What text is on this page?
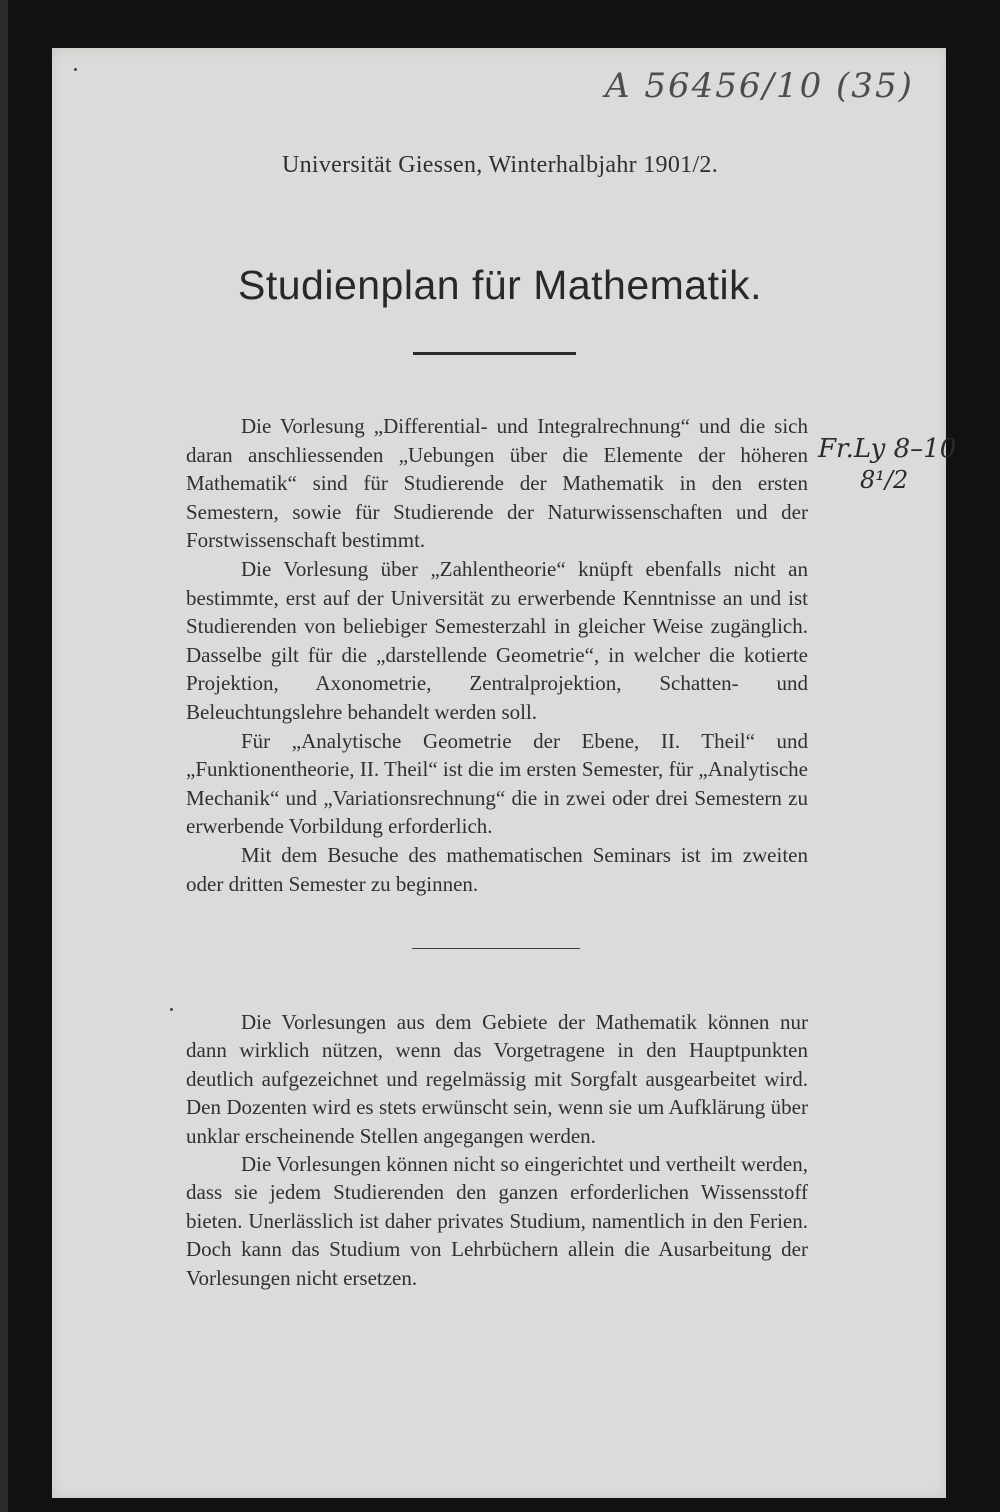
A 56456/10 (35)
Fr.Ly 8–10
8¹/2
Universität Giessen, Winterhalbjahr 1901/2.
Studienplan für Mathematik.

Die Vorlesung „Differential- und Integralrechnung“ und die sich daran anschliessenden „Uebungen über die Elemente der höheren Mathematik“ sind für Studierende der Mathematik in den ersten Semestern, sowie für Studierende der Naturwissenschaften und der Forstwissenschaft bestimmt.

Die Vorlesung über „Zahlentheorie“ knüpft ebenfalls nicht an bestimmte, erst auf der Universität zu erwerbende Kenntnisse an und ist Studierenden von beliebiger Semesterzahl in gleicher Weise zugänglich. Dasselbe gilt für die „darstellende Geometrie“, in welcher die kotierte Projektion, Axonometrie, Zentralprojektion, Schatten- und Beleuchtungslehre behandelt werden soll.

Für „Analytische Geometrie der Ebene, II. Theil“ und „Funktionentheorie, II. Theil“ ist die im ersten Semester, für „Analytische Mechanik“ und „Variationsrechnung“ die in zwei oder drei Semestern zu erwerbende Vorbildung erforderlich.

Mit dem Besuche des mathematischen Seminars ist im zweiten oder dritten Semester zu beginnen.

Die Vorlesungen aus dem Gebiete der Mathematik können nur dann wirklich nützen, wenn das Vorgetragene in den Hauptpunkten deutlich aufgezeichnet und regelmässig mit Sorgfalt ausgearbeitet wird. Den Dozenten wird es stets erwünscht sein, wenn sie um Aufklärung über unklar erscheinende Stellen angegangen werden.

Die Vorlesungen können nicht so eingerichtet und vertheilt werden, dass sie jedem Studierenden den ganzen erforderlichen Wissensstoff bieten. Unerlässlich ist daher privates Studium, namentlich in den Ferien. Doch kann das Studium von Lehrbüchern allein die Ausarbeitung der Vorlesungen nicht ersetzen.
